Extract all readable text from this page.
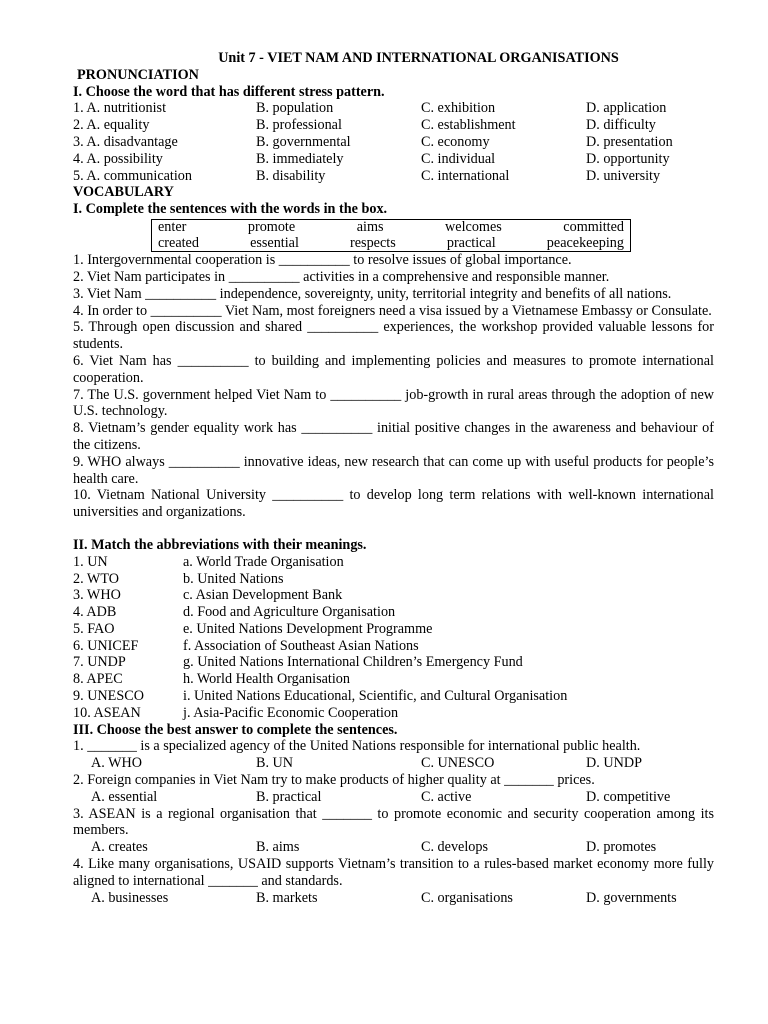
Unit 7 - VIET NAM AND INTERNATIONAL ORGANISATIONS
PRONUNCIATION
I. Choose the word that has different stress pattern.
1. A. nutritionist	B. population	C. exhibition	D. application
2. A. equality	B. professional	C. establishment	D. difficulty
3. A. disadvantage	B. governmental	C. economy	D. presentation
4. A. possibility	B. immediately	C. individual	D. opportunity
5. A. communication	B. disability	C. international	D. university
VOCABULARY
I. Complete the sentences with the words in the box.
enter	promote	aims	welcomes	committed
created	essential	respects	practical	peacekeeping
1. Intergovernmental cooperation is __________ to resolve issues of global importance.
2. Viet Nam participates in __________ activities in a comprehensive and responsible manner.
3. Viet Nam __________ independence, sovereignty, unity, territorial integrity and benefits of all nations.
4. In order to __________ Viet Nam, most foreigners need a visa issued by a Vietnamese Embassy or Consulate.
5. Through open discussion and shared __________ experiences, the workshop provided valuable lessons for students.
6. Viet Nam has __________ to building and implementing policies and measures to promote international cooperation.
7. The U.S. government helped Viet Nam to __________ job-growth in rural areas through the adoption of new U.S. technology.
8. Vietnam’s gender equality work has __________ initial positive changes in the awareness and behaviour of the citizens.
9. WHO always __________ innovative ideas, new research that can come up with useful products for people’s health care.
10. Vietnam National University __________ to develop long term relations with well-known international universities and organizations.
II. Match the abbreviations with their meanings.
1. UN	a. World Trade Organisation
2. WTO	b. United Nations
3. WHO	c. Asian Development Bank
4. ADB	d. Food and Agriculture Organisation
5. FAO	e. United Nations Development Programme
6. UNICEF	f. Association of Southeast Asian Nations
7. UNDP	g. United Nations International Children’s Emergency Fund
8. APEC	h. World Health Organisation
9. UNESCO	i. United Nations Educational, Scientific, and Cultural Organisation
10. ASEAN	j. Asia-Pacific Economic Cooperation
III. Choose the best answer to complete the sentences.
1. _______ is a specialized agency of the United Nations responsible for international public health.
A. WHO	B. UN	C. UNESCO	D. UNDP
2. Foreign companies in Viet Nam try to make products of higher quality at _______ prices.
A. essential	B. practical	C. active	D. competitive
3. ASEAN is a regional organisation that _______ to promote economic and security cooperation among its members.
A. creates	B. aims	C. develops	D. promotes
4. Like many organisations, USAID supports Vietnam’s transition to a rules-based market economy more fully aligned to international _______ and standards.
A. businesses	B. markets	C. organisations	D. governments
